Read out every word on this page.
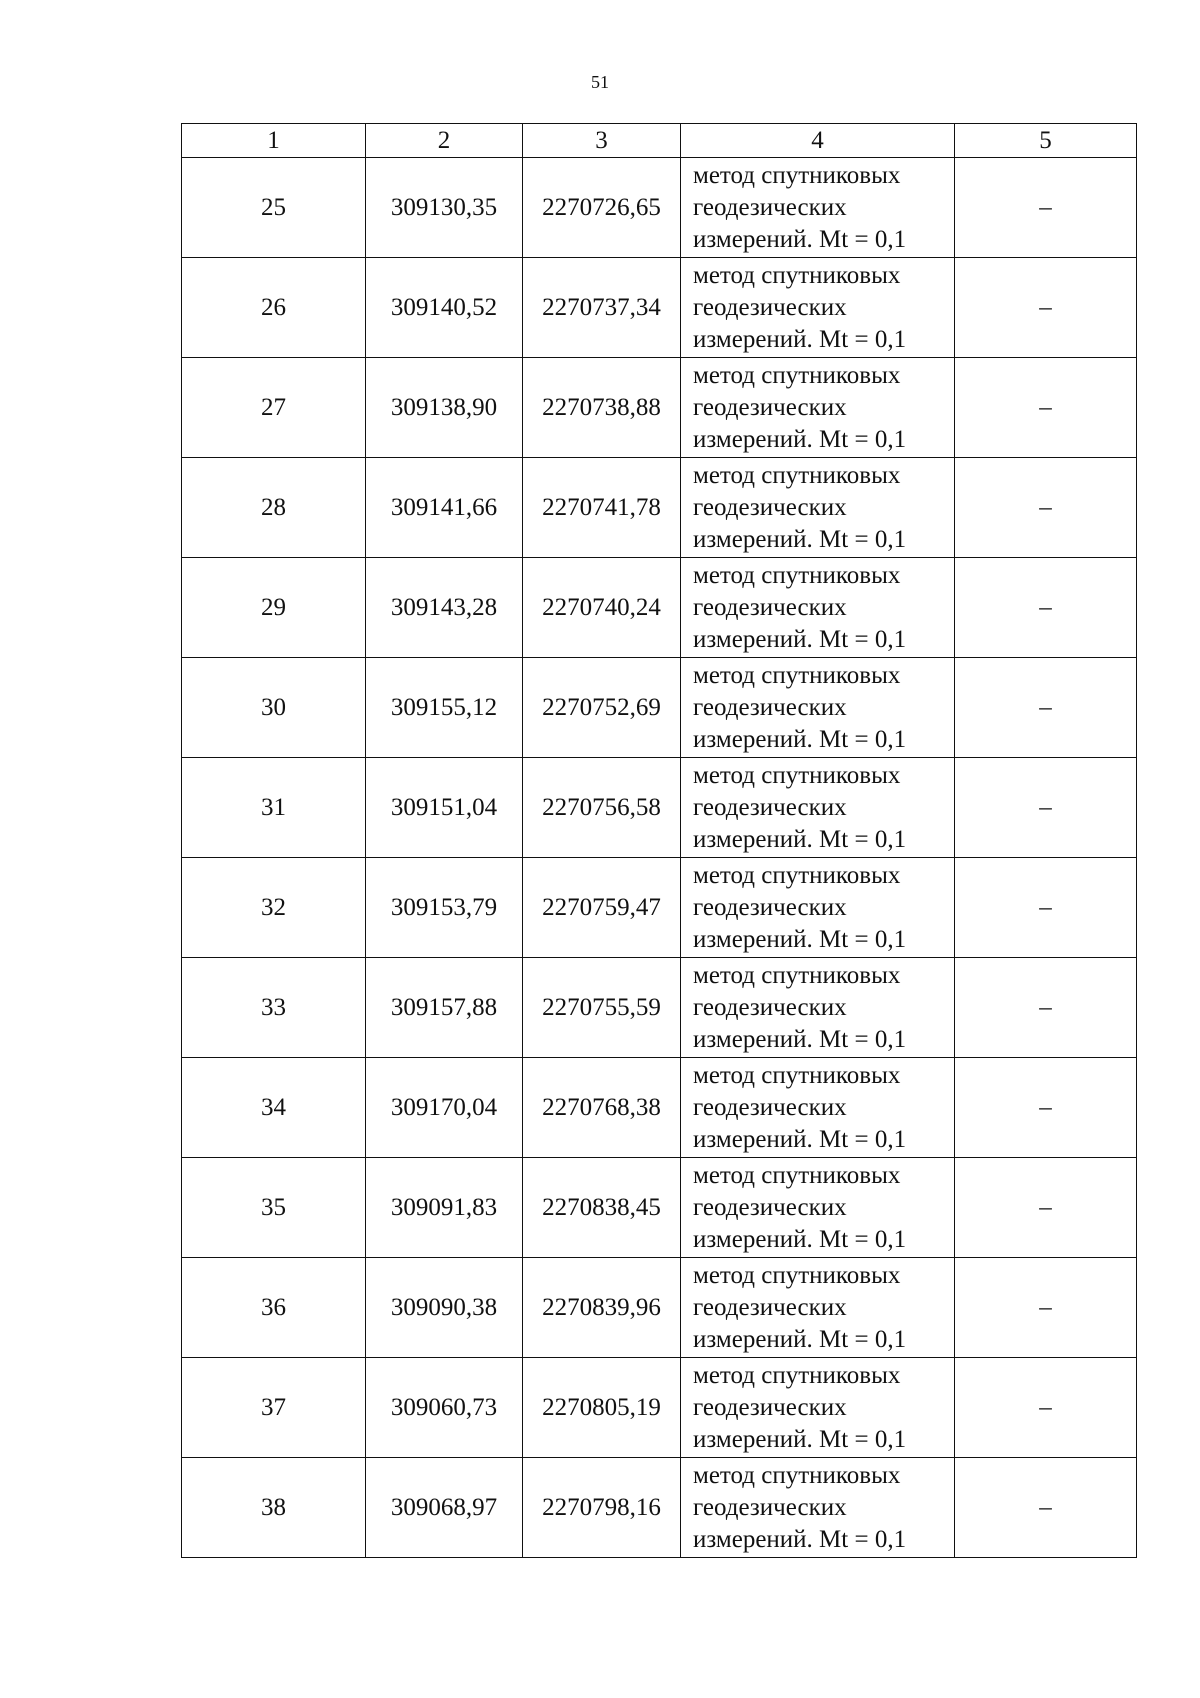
51
1	2	3	4	5
25	309130,35	2270726,65	метод спутниковых
геодезических
измерений. Mt = 0,1	–
26	309140,52	2270737,34	метод спутниковых
геодезических
измерений. Mt = 0,1	–
27	309138,90	2270738,88	метод спутниковых
геодезических
измерений. Mt = 0,1	–
28	309141,66	2270741,78	метод спутниковых
геодезических
измерений. Mt = 0,1	–
29	309143,28	2270740,24	метод спутниковых
геодезических
измерений. Mt = 0,1	–
30	309155,12	2270752,69	метод спутниковых
геодезических
измерений. Mt = 0,1	–
31	309151,04	2270756,58	метод спутниковых
геодезических
измерений. Mt = 0,1	–
32	309153,79	2270759,47	метод спутниковых
геодезических
измерений. Mt = 0,1	–
33	309157,88	2270755,59	метод спутниковых
геодезических
измерений. Mt = 0,1	–
34	309170,04	2270768,38	метод спутниковых
геодезических
измерений. Mt = 0,1	–
35	309091,83	2270838,45	метод спутниковых
геодезических
измерений. Mt = 0,1	–
36	309090,38	2270839,96	метод спутниковых
геодезических
измерений. Mt = 0,1	–
37	309060,73	2270805,19	метод спутниковых
геодезических
измерений. Mt = 0,1	–
38	309068,97	2270798,16	метод спутниковых
геодезических
измерений. Mt = 0,1	–
